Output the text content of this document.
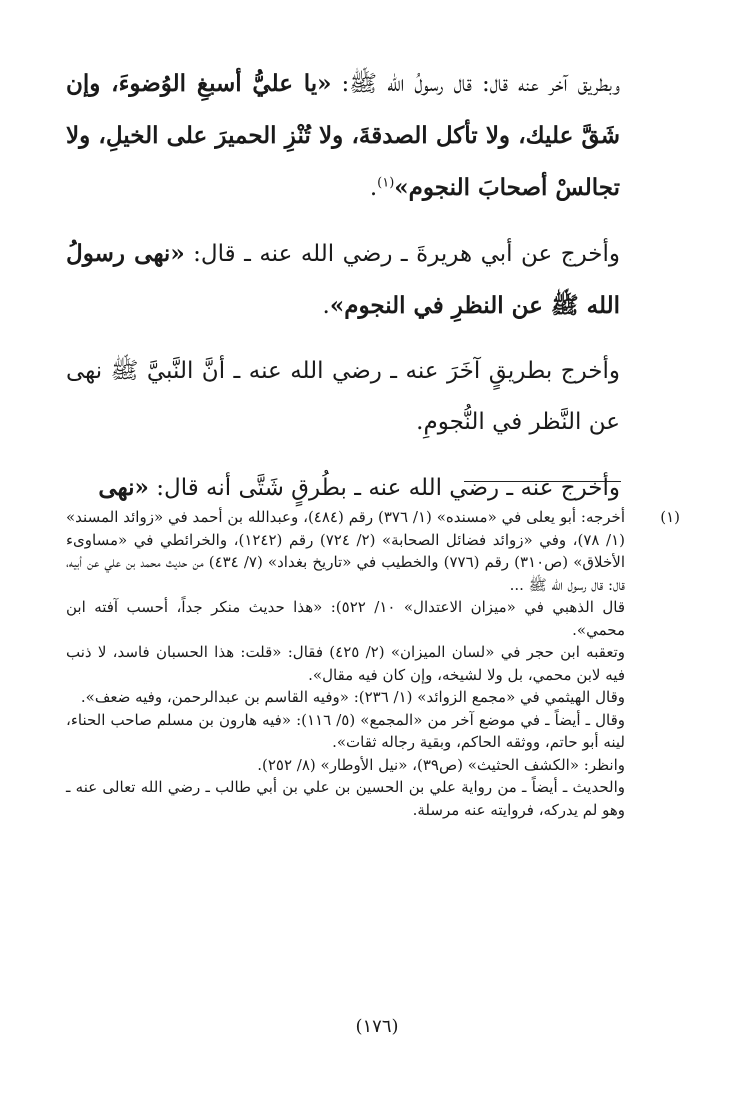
وبطريق آخر عنه قال: قال رسولُ الله ﷺ: «يا عليُّ أسبغِ الوُضوءَ، وإن شَقَّ عليك، ولا تأكل الصدقةَ، ولا تُنْزِ الحميرَ على الخيلِ، ولا تجالسْ أصحابَ النجوم»$^{(١)}$.

وأخرج عن أبي هريرةَ ـ رضي الله عنه ـ قال: «نهى رسولُ الله ﷺ عن النظرِ في النجوم».

وأخرج بطريقٍ آخَرَ عنه ـ رضي الله عنه ـ أنَّ النَّبيَّ ﷺ نهى عن النَّظر في النُّجومِ.

وأخرج عنه ـ رضي الله عنه ـ بطُرقٍ شَتَّى أنه قال: «نهى

(١)

أخرجه: أبو يعلى في «مسنده» (١/ ٣٧٦) رقم (٤٨٤)، وعبدالله بن أحمد في «زوائد المسند» (١/ ٧٨)، وفي «زوائد فضائل الصحابة» (٢/ ٧٢٤) رقم (١٢٤٢)، والخرائطي في «مساوىء الأخلاق» (ص٣١٠) رقم (٧٧٦) والخطيب في «تاريخ بغداد» (٧/ ٤٣٤) من حديث محمد بن علي عن أبيه، قال: قال رسول الله ﷺ ...

قال الذهبي في «ميزان الاعتدال» ١٠/ ٥٢٢): «هذا حديث منكر جداً، أحسب آفته ابن محمي».

وتعقبه ابن حجر في «لسان الميزان» (٢/ ٤٢٥) فقال: «قلت: هذا الحسبان فاسد، لا ذنب فيه لابن محمي، بل ولا لشيخه، وإن كان فيه مقال».

وقال الهيثمي في «مجمع الزوائد» (١/ ٢٣٦): «وفيه القاسم بن عبدالرحمن، وفيه ضعف».

وقال ـ أيضاً ـ في موضع آخر من «المجمع» (٥/ ١١٦): «فيه هارون بن مسلم صاحب الحناء، لينه أبو حاتم، ووثقه الحاكم، وبقية رجاله ثقات».

وانظر: «الكشف الحثيث» (ص٣٩)، «نيل الأوطار» (٨/ ٢٥٢).

والحديث ـ أيضاً ـ من رواية علي بن الحسين بن علي بن أبي طالب ـ رضي الله تعالى عنه ـ وهو لم يدركه، فروايته عنه مرسلة.

(١٧٦)
